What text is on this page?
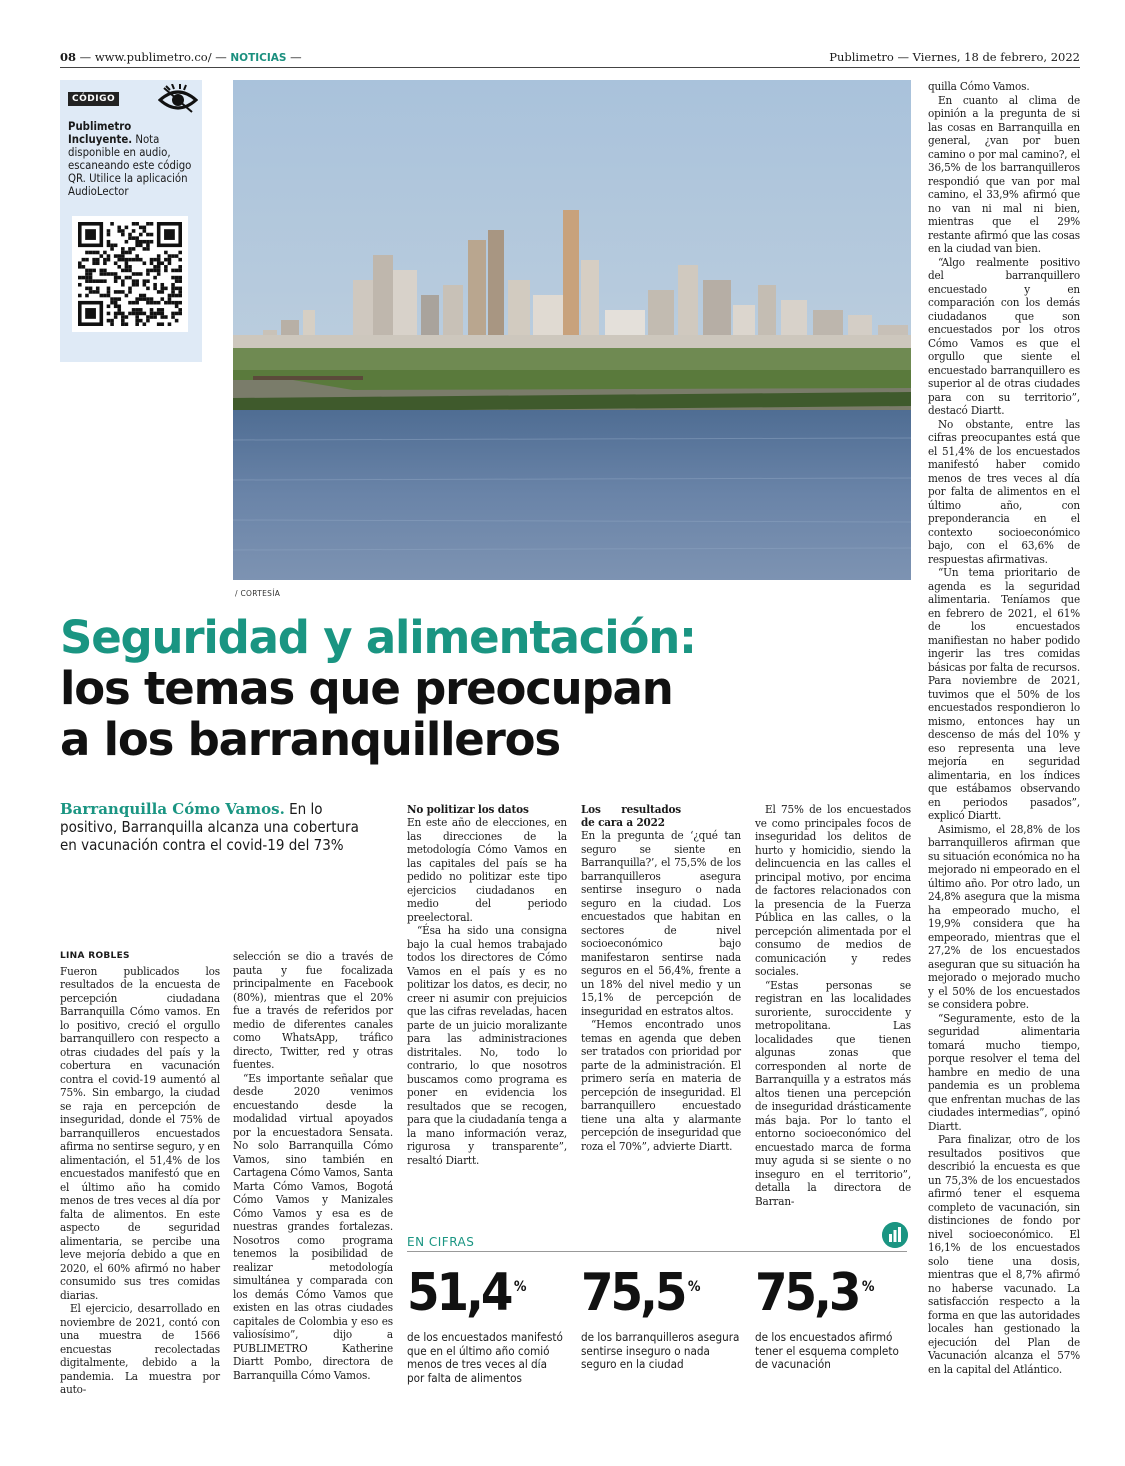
08 — www.publimetro.co/ — NOTICIAS —	Publimetro — Viernes, 18 de febrero, 2022
CÓDIGO
Publimetro Incluyente. Nota disponible en audio, escaneando este código QR. Utilice la aplicación AudioLector
/ CORTESÍA
Seguridad y alimentación:
los temas que preocupan
a los barranquilleros
Barranquilla Cómo Vamos. En lo positivo, Barranquilla alcanza una cobertura en vacunación contra el covid-19 del 73%
LINA ROBLES

Fueron publicados los resultados de la encuesta de percepción ciudadana Barranquilla Cómo vamos. En lo positivo, creció el orgullo barranquillero con respecto a otras ciudades del país y la cobertura en vacunación contra el covid-19 aumentó al 75%. Sin embargo, la ciudad se raja en percepción de inseguridad, donde el 75% de barranquilleros encuestados afirma no sentirse seguro, y en alimentación, el 51,4% de los encuestados manifestó que en el último año ha comido menos de tres veces al día por falta de alimentos. En este aspecto de seguridad alimentaria, se percibe una leve mejoría debido a que en 2020, el 60% afirmó no haber consumido sus tres comidas diarias.

El ejercicio, desarrollado en noviembre de 2021, contó con una muestra de 1566 encuestas recolectadas digitalmente, debido a la pandemia. La muestra por auto-

selección se dio a través de pauta y fue focalizada principalmente en Facebook (80%), mientras que el 20% fue a través de referidos por medio de diferentes canales como WhatsApp, tráfico directo, Twitter, red y otras fuentes.

“Es importante señalar que desde 2020 venimos encuestando desde la modalidad virtual apoyados por la encuestadora Sensata. No solo Barranquilla Cómo Vamos, sino también en Cartagena Cómo Vamos, Santa Marta Cómo Vamos, Bogotá Cómo Vamos y Manizales Cómo Vamos y esa es de nuestras grandes fortalezas. Nosotros como programa tenemos la posibilidad de realizar metodología simultánea y comparada con los demás Cómo Vamos que existen en las otras ciudades capitales de Colombia y eso es valiosísimo”, dijo a PUBLIMETRO Katherine Diartt Pombo, directora de Barranquilla Cómo Vamos.

No politizar los datos

En este año de elecciones, en las direcciones de la metodología Cómo Vamos en las capitales del país se ha pedido no politizar este tipo ejercicios ciudadanos en medio del periodo preelectoral.

“Ésa ha sido una consigna bajo la cual hemos trabajado todos los directores de Cómo Vamos en el país y es no politizar los datos, es decir, no creer ni asumir con prejuicios que las cifras reveladas, hacen parte de un juicio moralizante para las administraciones distritales. No, todo lo contrario, lo que nosotros buscamos como programa es poner en evidencia los resultados que se recogen, para que la ciudadanía tenga a la mano información veraz, rigurosa y transparente”, resaltó Diartt.

Los resultados de cara a 2022

En la pregunta de ‘¿qué tan seguro se siente en Barranquilla?’, el 75,5% de los barranquilleros asegura sentirse inseguro o nada seguro en la ciudad. Los encuestados que habitan en sectores de nivel socioeconómico bajo manifestaron sentirse nada seguros en el 56,4%, frente a un 18% del nivel medio y un 15,1% de percepción de inseguridad en estratos altos.

“Hemos encontrado unos temas en agenda que deben ser tratados con prioridad por parte de la administración. El primero sería en materia de percepción de inseguridad. El barranquillero encuestado tiene una alta y alarmante percepción de inseguridad que roza el 70%”, advierte Diartt.

El 75% de los encuestados ve como principales focos de inseguridad los delitos de hurto y homicidio, siendo la delincuencia en las calles el principal motivo, por encima de factores relacionados con la presencia de la Fuerza Pública en las calles, o la percepción alimentada por el consumo de medios de comunicación y redes sociales.

“Estas personas se registran en las localidades suroriente, suroccidente y metropolitana. Las localidades que tienen algunas zonas que corresponden al norte de Barranquilla y a estratos más altos tienen una percepción de inseguridad drásticamente más baja. Por lo tanto el entorno socioeconómico del encuestado marca de forma muy aguda si se siente o no inseguro en el territorio”, detalla la directora de Barran-

quilla Cómo Vamos.

En cuanto al clima de opinión a la pregunta de si las cosas en Barranquilla en general, ¿van por buen camino o por mal camino?, el 36,5% de los barranquilleros respondió que van por mal camino, el 33,9% afirmó que no van ni mal ni bien, mientras que el 29% restante afirmó que las cosas en la ciudad van bien.

“Algo realmente positivo del barranquillero encuestado y en comparación con los demás ciudadanos que son encuestados por los otros Cómo Vamos es que el orgullo que siente el encuestado barranquillero es superior al de otras ciudades para con su territorio”, destacó Diartt.

No obstante, entre las cifras preocupantes está que el 51,4% de los encuestados manifestó haber comido menos de tres veces al día por falta de alimentos en el último año, con preponderancia en el contexto socioeconómico bajo, con el 63,6% de respuestas afirmativas.

“Un tema prioritario de agenda es la seguridad alimentaria. Teníamos que en febrero de 2021, el 61% de los encuestados manifiestan no haber podido ingerir las tres comidas básicas por falta de recursos. Para noviembre de 2021, tuvimos que el 50% de los encuestados respondieron lo mismo, entonces hay un descenso de más del 10% y eso representa una leve mejoría en seguridad alimentaria, en los índices que estábamos observando en periodos pasados”, explicó Diartt.

Asimismo, el 28,8% de los barranquilleros afirman que su situación económica no ha mejorado ni empeorado en el último año. Por otro lado, un 24,8% asegura que la misma ha empeorado mucho, el 19,9% considera que ha empeorado, mientras que el 27,2% de los encuestados aseguran que su situación ha mejorado o mejorado mucho y el 50% de los encuestados se considera pobre.

“Seguramente, esto de la seguridad alimentaria tomará mucho tiempo, porque resolver el tema del hambre en medio de una pandemia es un problema que enfrentan muchas de las ciudades intermedias”, opinó Diartt.

Para finalizar, otro de los resultados positivos que describió la encuesta es que un 75,3% de los encuestados afirmó tener el esquema completo de vacunación, sin distinciones de fondo por nivel socioeconómico. El 16,1% de los encuestados solo tiene una dosis, mientras que el 8,7% afirmó no haberse vacunado. La satisfacción respecto a la forma en que las autoridades locales han gestionado la ejecución del Plan de Vacunación alcanza el 57% en la capital del Atlántico.

EN CIFRAS
51,4 %
de los encuestados manifestó que en el último año comió menos de tres veces al día por falta de alimentos
75,5 %
de los barranquilleros asegura sentirse inseguro o nada seguro en la ciudad
75,3 %
de los encuestados afirmó tener el esquema completo de vacunación
